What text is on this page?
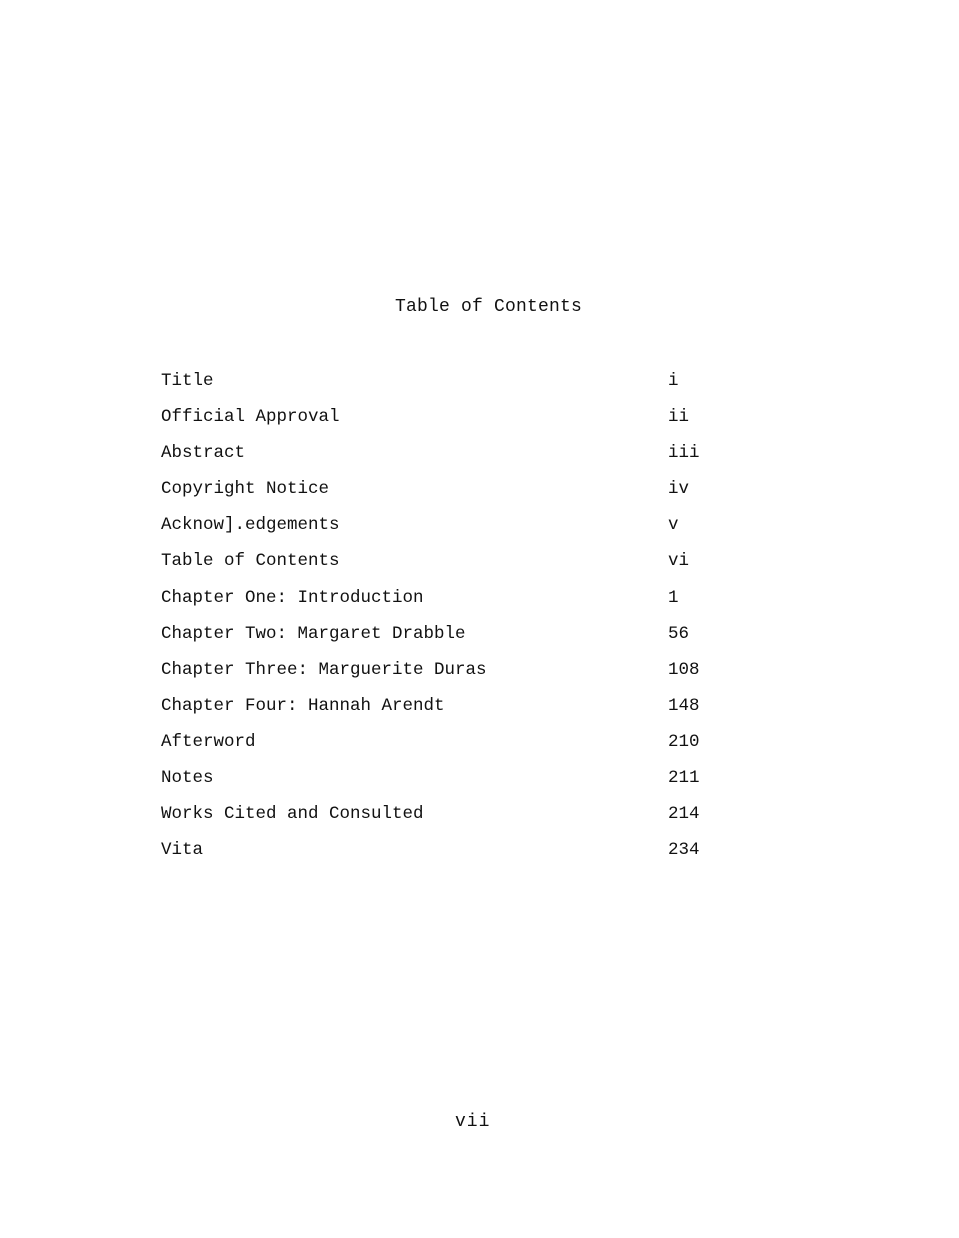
Table of Contents
Title	i
Official Approval	ii
Abstract	iii
Copyright Notice	iv
Acknow].edgements	v
Table of Contents	vi
Chapter One: Introduction	1
Chapter Two: Margaret Drabble	56
Chapter Three: Marguerite Duras	108
Chapter Four: Hannah Arendt	148
Afterword	210
Notes	211
Works Cited and Consulted	214
Vita	234
vii
